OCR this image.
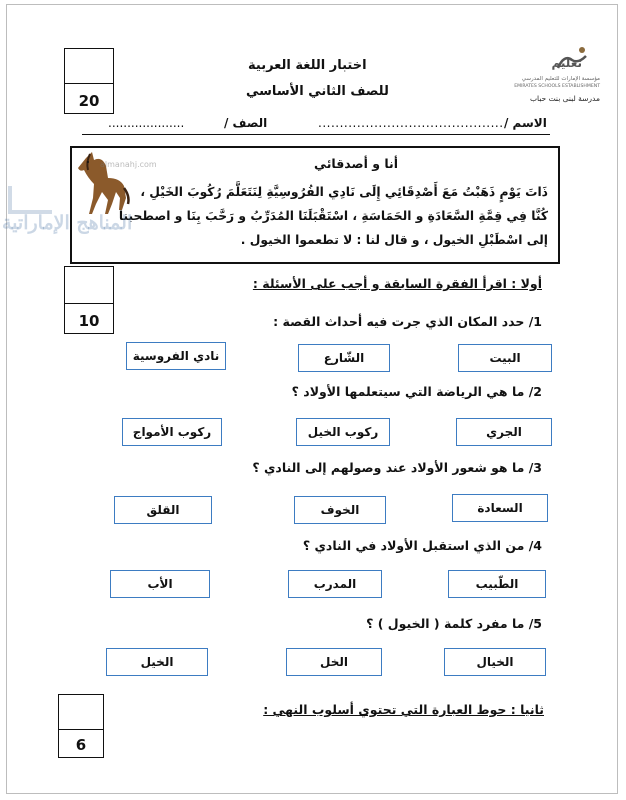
20
اختبار اللغة العربية
للصف الثاني الأساسي
تعليم
مؤسسة الإمارات للتعليم المدرسي
EMIRATES SCHOOLS ESTABLISHMENT
مدرسة لبنى بنت حباب
الاسم /
...........................................
الصف /
....................
أنا و أصدقائي
ذَاتَ يَوْمٍ ذَهَبْتُ مَعَ أَصْدِقَائِي إِلَى نَادِي الفُرُوسِيَّةِ لِنَتَعَلَّمَ رُكُوبَ الخَيْلِ ،
كُنَّا فِي قِمَّةِ السَّعَادَةِ و الحَمَاسَةِ ، اسْتَقْبَلَنَا المُدَرِّبُ و رَحَّبَ بِنَا و اصطحبنا
إلى اسْطَبْلِ الخيول ، و قال لنا : لا تطعموا الخيول .
almanahj.com
المناهج الإماراتية
10
أولا : اقرأ الفقرة السابقة و أجب على الأسئلة :
1/ حدد المكان الذي جرت فيه أحداث القصة :
البيت
الشّارع
نادي الفروسية
2/ ما هي الرياضة التي سيتعلمها الأولاد ؟
الجري
ركوب الخيل
ركوب الأمواج
3/ ما هو شعور الأولاد عند وصولهم إلى النادي ؟
السعادة
الخوف
القلق
4/ من الذي استقبل الأولاد في النادي ؟
الطّبيب
المدرب
الأب
5/ ما مفرد كلمة ( الخيول ) ؟
الخيال
الخل
الخيل
6
ثانيا : حوط العبارة التي تحتوي أسلوب النهي :
